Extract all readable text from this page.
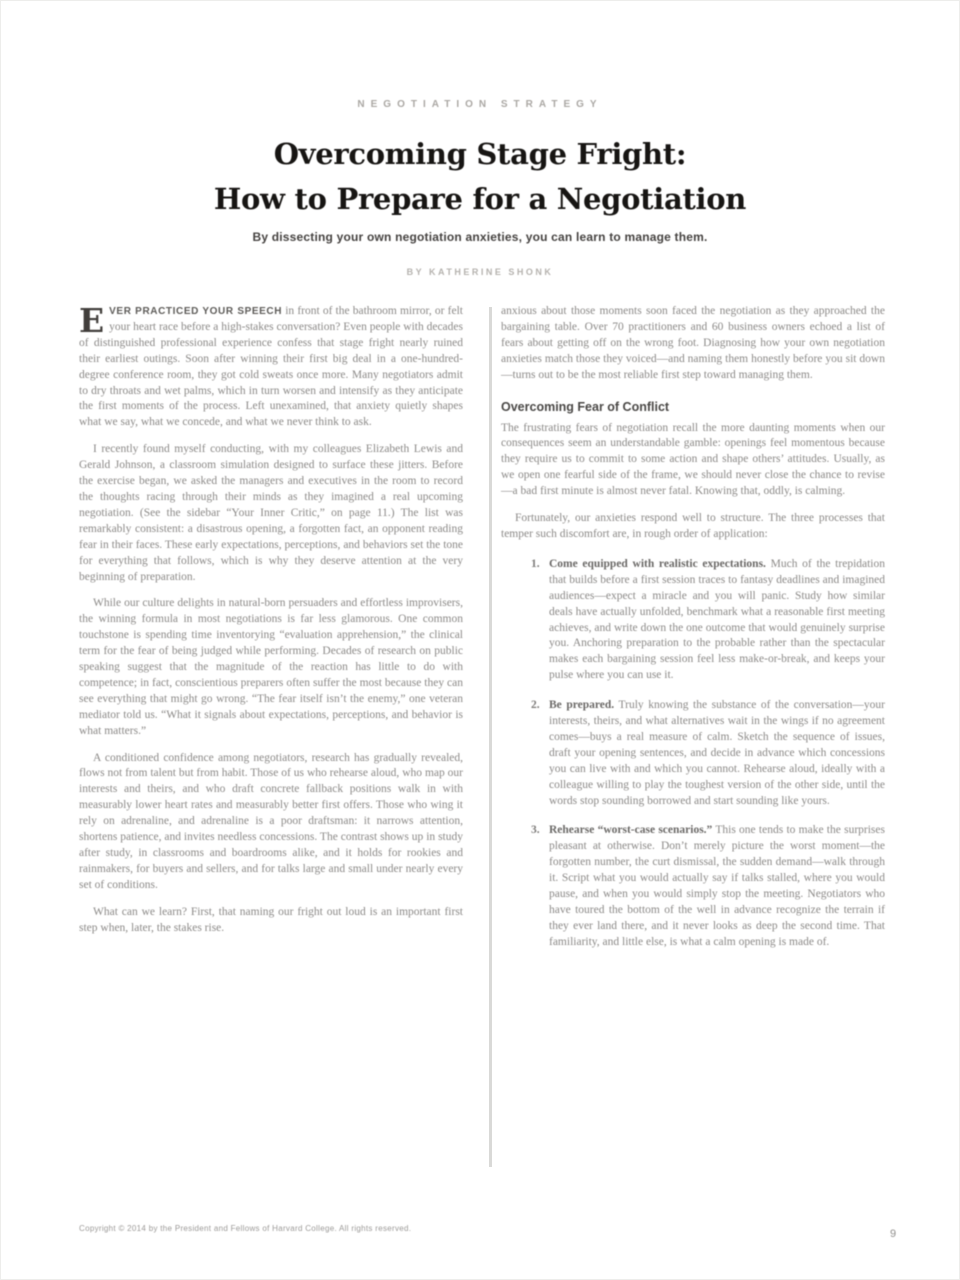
NEGOTIATION STRATEGY
Overcoming Stage Fright:
How to Prepare for a Negotiation
By dissecting your own negotiation anxieties, you can learn to manage them.
BY KATHERINE SHONK

EVER PRACTICED YOUR SPEECH in front of the bathroom mirror, or felt your heart race before a high-stakes conversation? Even people with decades of distinguished professional experience confess that stage fright nearly ruined their earliest outings. Soon after winning their first big deal in a one-hundred-degree conference room, they got cold sweats once more. Many negotiators admit to dry throats and wet palms, which in turn worsen and intensify as they anticipate the first moments of the process. Left unexamined, that anxiety quietly shapes what we say, what we concede, and what we never think to ask.

I recently found myself conducting, with my colleagues Elizabeth Lewis and Gerald Johnson, a classroom simulation designed to surface these jitters. Before the exercise began, we asked the managers and executives in the room to record the thoughts racing through their minds as they imagined a real upcoming negotiation. (See the sidebar “Your Inner Critic,” on page 11.) The list was remarkably consistent: a disastrous opening, a forgotten fact, an opponent reading fear in their faces. These early expectations, perceptions, and behaviors set the tone for everything that follows, which is why they deserve attention at the very beginning of preparation.

While our culture delights in natural-born persuaders and effortless improvisers, the winning formula in most negotiations is far less glamorous. One common touchstone is spending time inventorying “evaluation apprehension,” the clinical term for the fear of being judged while performing. Decades of research on public speaking suggest that the magnitude of the reaction has little to do with competence; in fact, conscientious preparers often suffer the most because they can see everything that might go wrong. “The fear itself isn’t the enemy,” one veteran mediator told us. “What it signals about expectations, perceptions, and behavior is what matters.”

A conditioned confidence among negotiators, research has gradually revealed, flows not from talent but from habit. Those of us who rehearse aloud, who map our interests and theirs, and who draft concrete fallback positions walk in with measurably lower heart rates and measurably better first offers. Those who wing it rely on adrenaline, and adrenaline is a poor draftsman: it narrows attention, shortens patience, and invites needless concessions. The contrast shows up in study after study, in classrooms and boardrooms alike, and it holds for rookies and rainmakers, for buyers and sellers, and for talks large and small under nearly every set of conditions.

What can we learn? First, that naming our fright out loud is an important first step when, later, the stakes rise.

anxious about those moments soon faced the negotiation as they approached the bargaining table. Over 70 practitioners and 60 business owners echoed a list of fears about getting off on the wrong foot. Diagnosing how your own negotiation anxieties match those they voiced—and naming them honestly before you sit down—turns out to be the most reliable first step toward managing them.

Overcoming Fear of Conflict

The frustrating fears of negotiation recall the more daunting moments when our consequences seem an understandable gamble: openings feel momentous because they require us to commit to some action and shape others’ attitudes. Usually, as we open one fearful side of the frame, we should never close the chance to revise—a bad first minute is almost never fatal. Knowing that, oddly, is calming.

Fortunately, our anxieties respond well to structure. The three processes that temper such discomfort are, in rough order of application:

1. Come equipped with realistic expectations. Much of the trepidation that builds before a first session traces to fantasy deadlines and imagined audiences—expect a miracle and you will panic. Study how similar deals have actually unfolded, benchmark what a reasonable first meeting achieves, and write down the one outcome that would genuinely surprise you. Anchoring preparation to the probable rather than the spectacular makes each bargaining session feel less make-or-break, and keeps your pulse where you can use it.

2. Be prepared. Truly knowing the substance of the conversation—your interests, theirs, and what alternatives wait in the wings if no agreement comes—buys a real measure of calm. Sketch the sequence of issues, draft your opening sentences, and decide in advance which concessions you can live with and which you cannot. Rehearse aloud, ideally with a colleague willing to play the toughest version of the other side, until the words stop sounding borrowed and start sounding like yours.

3. Rehearse “worst-case scenarios.” This one tends to make the surprises pleasant at otherwise. Don’t merely picture the worst moment—the forgotten number, the curt dismissal, the sudden demand—walk through it. Script what you would actually say if talks stalled, where you would pause, and when you would simply stop the meeting. Negotiators who have toured the bottom of the well in advance recognize the terrain if they ever land there, and it never looks as deep the second time. That familiarity, and little else, is what a calm opening is made of.

Copyright © 2014 by the President and Fellows of Harvard College. All rights reserved.	9
